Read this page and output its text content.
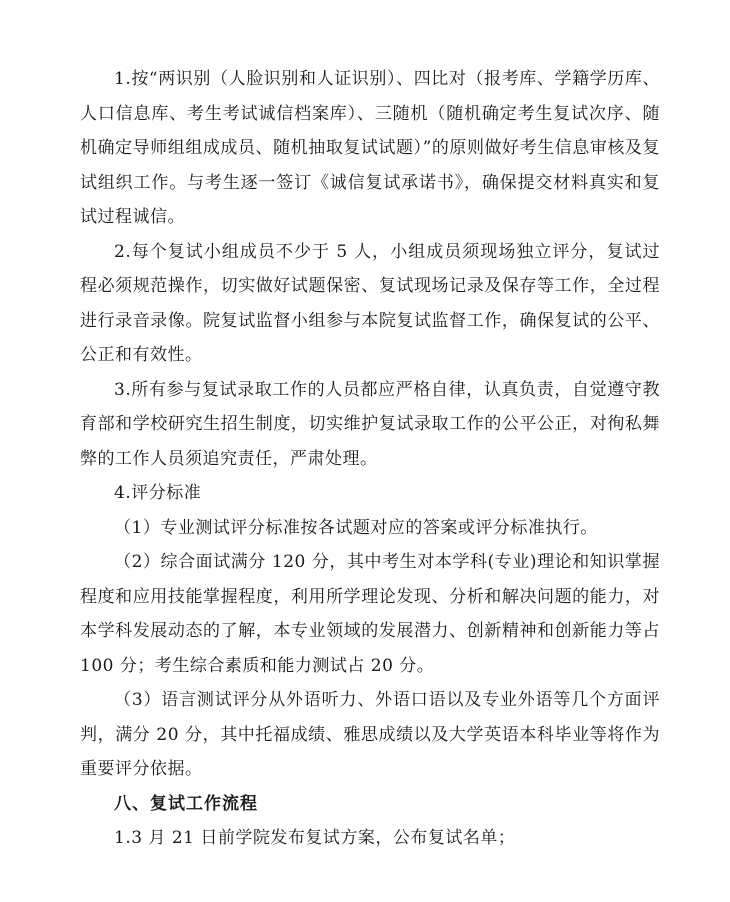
1.按“两识别（人脸识别和人证识别）、四比对（报考库、学籍学历库、人口信息库、考生考试诚信档案库）、三随机（随机确定考生复试次序、随机确定导师组组成成员、随机抽取复试试题）”的原则做好考生信息审核及复试组织工作。与考生逐一签订《诚信复试承诺书》，确保提交材料真实和复试过程诚信。

2.每个复试小组成员不少于 5 人，小组成员须现场独立评分，复试过程必须规范操作，切实做好试题保密、复试现场记录及保存等工作，全过程进行录音录像。院复试监督小组参与本院复试监督工作，确保复试的公平、公正和有效性。

3.所有参与复试录取工作的人员都应严格自律，认真负责，自觉遵守教育部和学校研究生招生制度，切实维护复试录取工作的公平公正，对徇私舞弊的工作人员须追究责任，严肃处理。

4.评分标准

（1）专业测试评分标准按各试题对应的答案或评分标准执行。

（2）综合面试满分 120 分，其中考生对本学科(专业)理论和知识掌握程度和应用技能掌握程度，利用所学理论发现、分析和解决问题的能力，对本学科发展动态的了解，本专业领域的发展潜力、创新精神和创新能力等占 100 分；考生综合素质和能力测试占 20 分。

（3）语言测试评分从外语听力、外语口语以及专业外语等几个方面评判，满分 20 分，其中托福成绩、雅思成绩以及大学英语本科毕业等将作为重要评分依据。

八、复试工作流程

1.3 月 21 日前学院发布复试方案，公布复试名单；
